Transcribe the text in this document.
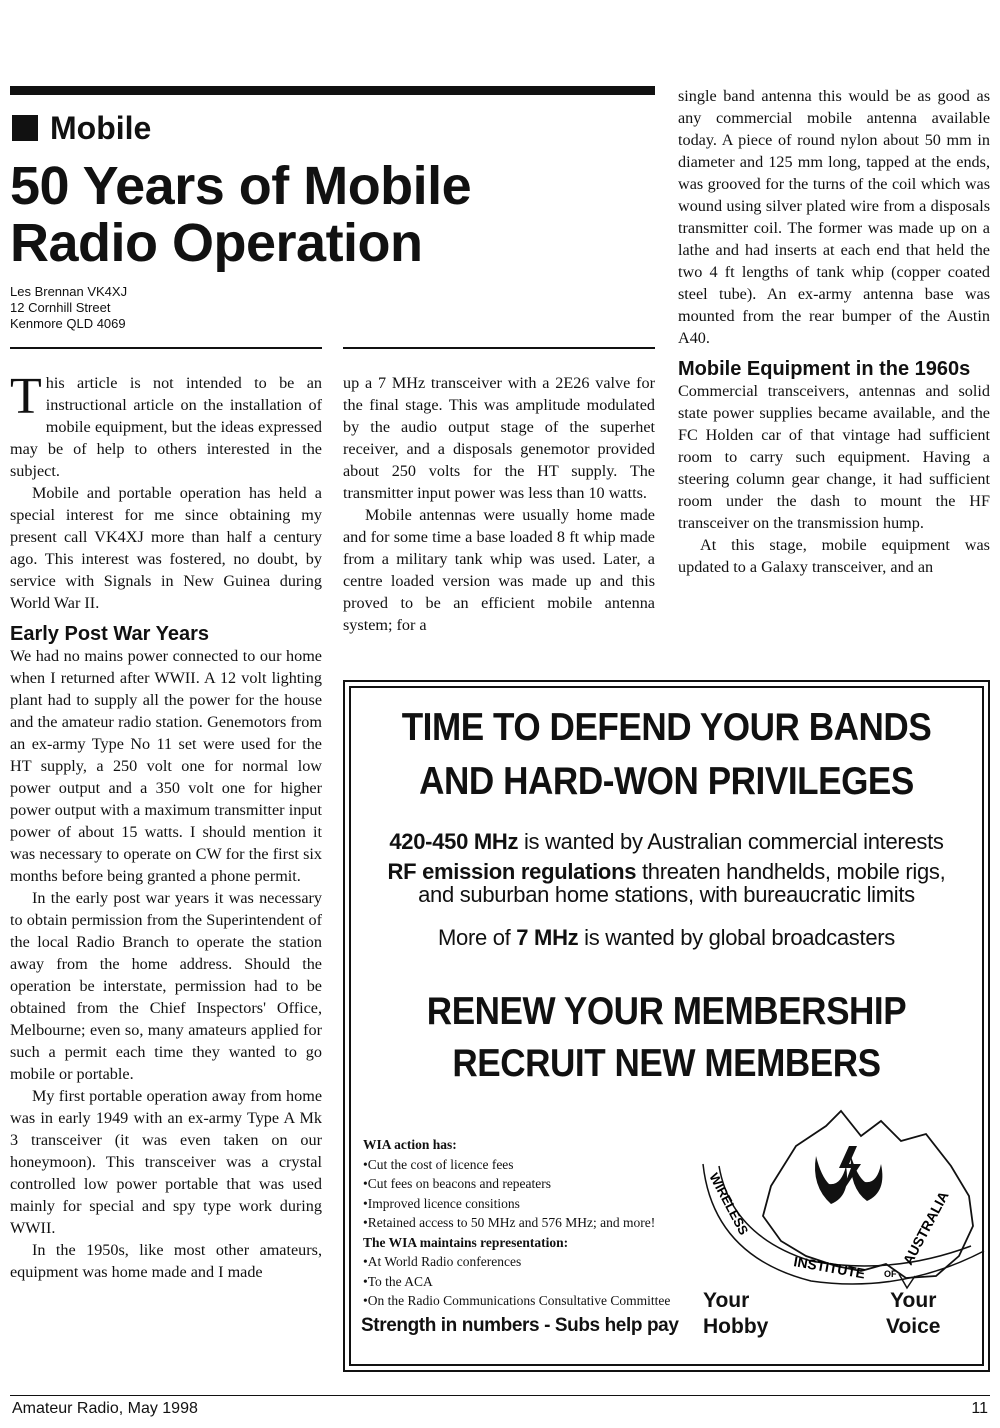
Mobile
50 Years of Mobile
Radio Operation
Les Brennan VK4XJ
12 Cornhill Street
Kenmore QLD 4069

This article is not intended to be an instructional article on the installation of mobile equipment, but the ideas expressed may be of help to others interested in the subject.

Mobile and portable operation has held a special interest for me since obtaining my present call VK4XJ more than half a century ago. This interest was fostered, no doubt, by service with Signals in New Guinea during World War II.

Early Post War Years

We had no mains power connected to our home when I returned after WWII. A 12 volt lighting plant had to supply all the power for the house and the amateur radio station. Genemotors from an ex-army Type No 11 set were used for the HT supply, a 250 volt one for normal low power output and a 350 volt one for higher power output with a maximum transmitter input power of about 15 watts. I should mention it was necessary to operate on CW for the first six months before being granted a phone permit.

In the early post war years it was necessary to obtain permission from the Superintendent of the local Radio Branch to operate the station away from the home address. Should the operation be interstate, permission had to be obtained from the Chief Inspectors' Office, Melbourne; even so, many amateurs applied for such a permit each time they wanted to go mobile or portable.

My first portable operation away from home was in early 1949 with an ex-army Type A Mk 3 transceiver (it was even taken on our honeymoon). This transceiver was a crystal controlled low power portable that was used mainly for special and spy type work during WWII.

In the 1950s, like most other amateurs, equipment was home made and I made

up a 7 MHz transceiver with a 2E26 valve for the final stage. This was amplitude modulated by the audio output stage of the superhet receiver, and a disposals genemotor provided about 250 volts for the HT supply. The transmitter input power was less than 10 watts.

Mobile antennas were usually home made and for some time a base loaded 8 ft whip made from a military tank whip was used. Later, a centre loaded version was made up and this proved to be an efficient mobile antenna system; for a

single band antenna this would be as good as any commercial mobile antenna available today. A piece of round nylon about 50 mm in diameter and 125 mm long, tapped at the ends, was grooved for the turns of the coil which was wound using silver plated wire from a disposals transmitter coil. The former was made up on a lathe and had inserts at each end that held the two 4 ft lengths of tank whip (copper coated steel tube). An ex-army antenna base was mounted from the rear bumper of the Austin A40.

Mobile Equipment in the 1960s

Commercial transceivers, antennas and solid state power supplies became available, and the FC Holden car of that vintage had sufficient room to carry such equipment. Having a steering column gear change, it had sufficient room under the dash to mount the HF transceiver on the transmission hump.

At this stage, mobile equipment was updated to a Galaxy transceiver, and an

TIME TO DEFEND YOUR BANDS
AND HARD-WON PRIVILEGES
420-450 MHz is wanted by Australian commercial interests
RF emission regulations threaten handhelds, mobile rigs,
and suburban home stations, with bureaucratic limits
More of 7 MHz is wanted by global broadcasters
RENEW YOUR MEMBERSHIP
RECRUIT NEW MEMBERS
WIA action has:
• Cut the cost of licence fees
• Cut fees on beacons and repeaters
• Improved licence consitions
• Retained access to 50 MHz and 576 MHz; and more!
The WIA maintains representation:
• At World Radio conferences
• To the ACA
• On the Radio Communications Consultative Committee
WIRELESS
INSTITUTE OF
AUSTRALIA
Strength in numbers - Subs help pay
Your
Hobby
Your
Voice
Amateur Radio, May 1998	11
